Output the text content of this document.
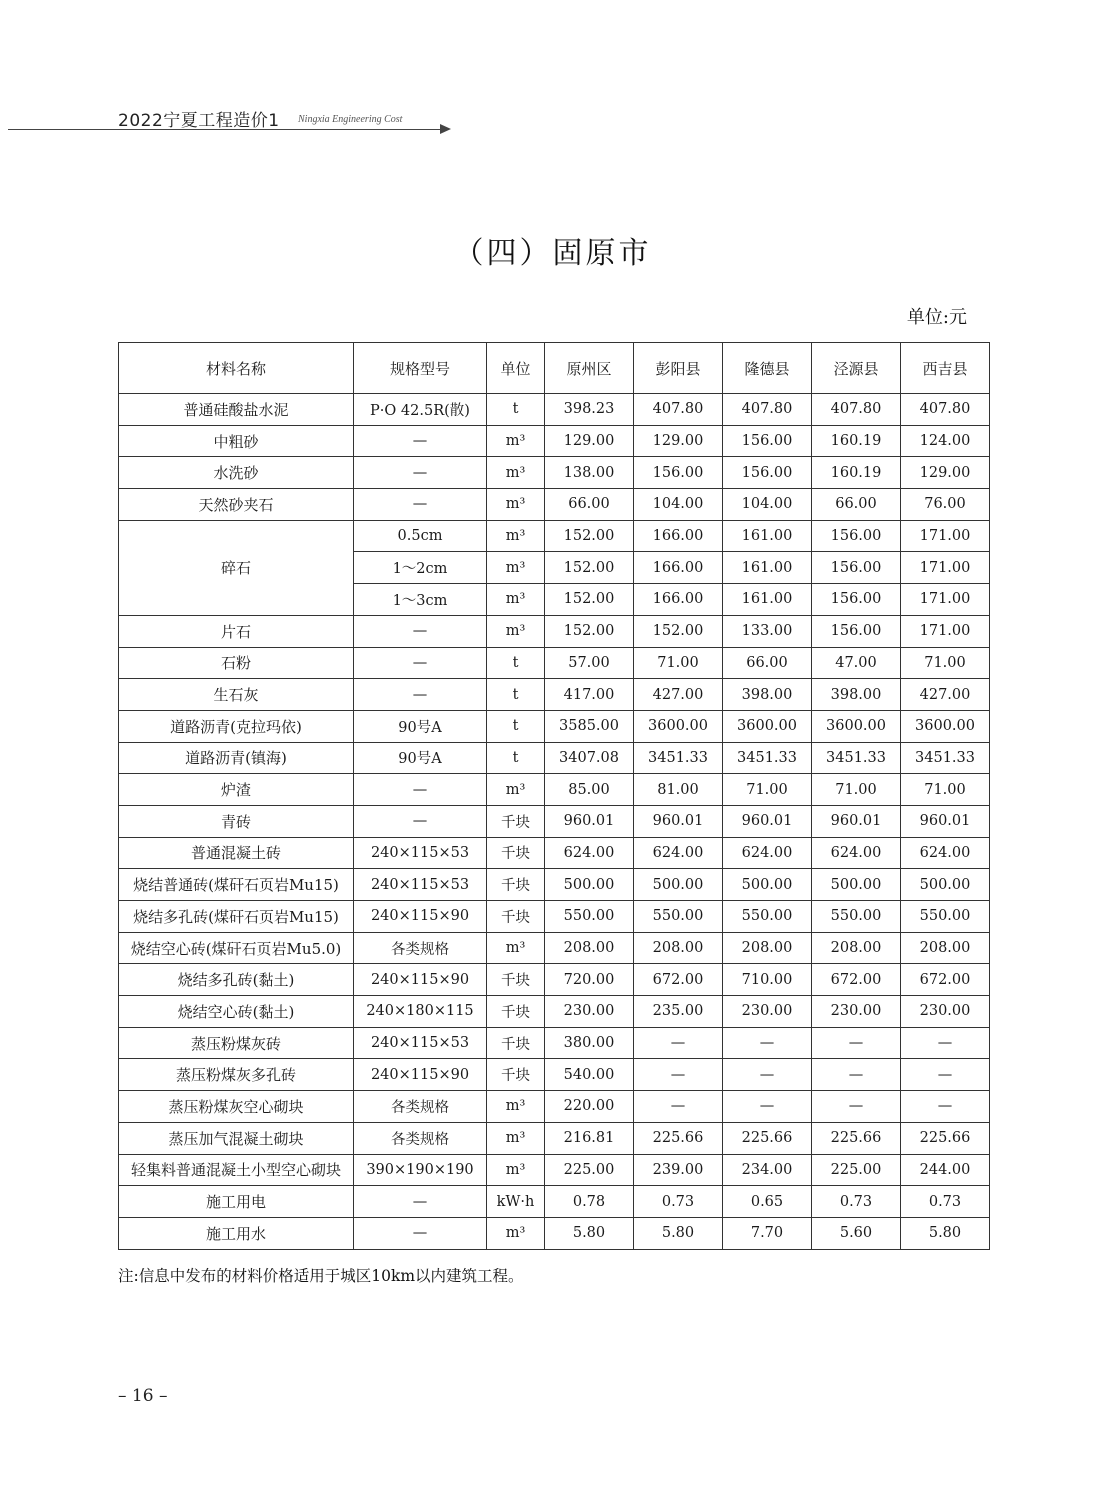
2022宁夏工程造价1 Ningxia Engineering Cost
（四）固原市
单位:元
材料名称	规格型号	单位	原州区	彭阳县	隆德县	泾源县	西吉县
普通硅酸盐水泥	P·O 42.5R(散)	t	398.23	407.80	407.80	407.80	407.80
中粗砂	—	m³	129.00	129.00	156.00	160.19	124.00
水洗砂	—	m³	138.00	156.00	156.00	160.19	129.00
天然砂夹石	—	m³	66.00	104.00	104.00	66.00	76.00
碎石	0.5cm	m³	152.00	166.00	161.00	156.00	171.00
	1～2cm	m³	152.00	166.00	161.00	156.00	171.00
	1～3cm	m³	152.00	166.00	161.00	156.00	171.00
片石	—	m³	152.00	152.00	133.00	156.00	171.00
石粉	—	t	57.00	71.00	66.00	47.00	71.00
生石灰	—	t	417.00	427.00	398.00	398.00	427.00
道路沥青(克拉玛依)	90号A	t	3585.00	3600.00	3600.00	3600.00	3600.00
道路沥青(镇海)	90号A	t	3407.08	3451.33	3451.33	3451.33	3451.33
炉渣	—	m³	85.00	81.00	71.00	71.00	71.00
青砖	—	千块	960.01	960.01	960.01	960.01	960.01
普通混凝土砖	240×115×53	千块	624.00	624.00	624.00	624.00	624.00
烧结普通砖(煤矸石页岩Mu15)	240×115×53	千块	500.00	500.00	500.00	500.00	500.00
烧结多孔砖(煤矸石页岩Mu15)	240×115×90	千块	550.00	550.00	550.00	550.00	550.00
烧结空心砖(煤矸石页岩Mu5.0)	各类规格	m³	208.00	208.00	208.00	208.00	208.00
烧结多孔砖(黏土)	240×115×90	千块	720.00	672.00	710.00	672.00	672.00
烧结空心砖(黏土)	240×180×115	千块	230.00	235.00	230.00	230.00	230.00
蒸压粉煤灰砖	240×115×53	千块	380.00	—	—	—	—
蒸压粉煤灰多孔砖	240×115×90	千块	540.00	—	—	—	—
蒸压粉煤灰空心砌块	各类规格	m³	220.00	—	—	—	—
蒸压加气混凝土砌块	各类规格	m³	216.81	225.66	225.66	225.66	225.66
轻集料普通混凝土小型空心砌块	390×190×190	m³	225.00	239.00	234.00	225.00	244.00
施工用电	—	kW·h	0.78	0.73	0.65	0.73	0.73
施工用水	—	m³	5.80	5.80	7.70	5.60	5.80
注:信息中发布的材料价格适用于城区10km以内建筑工程。
– 16 –
